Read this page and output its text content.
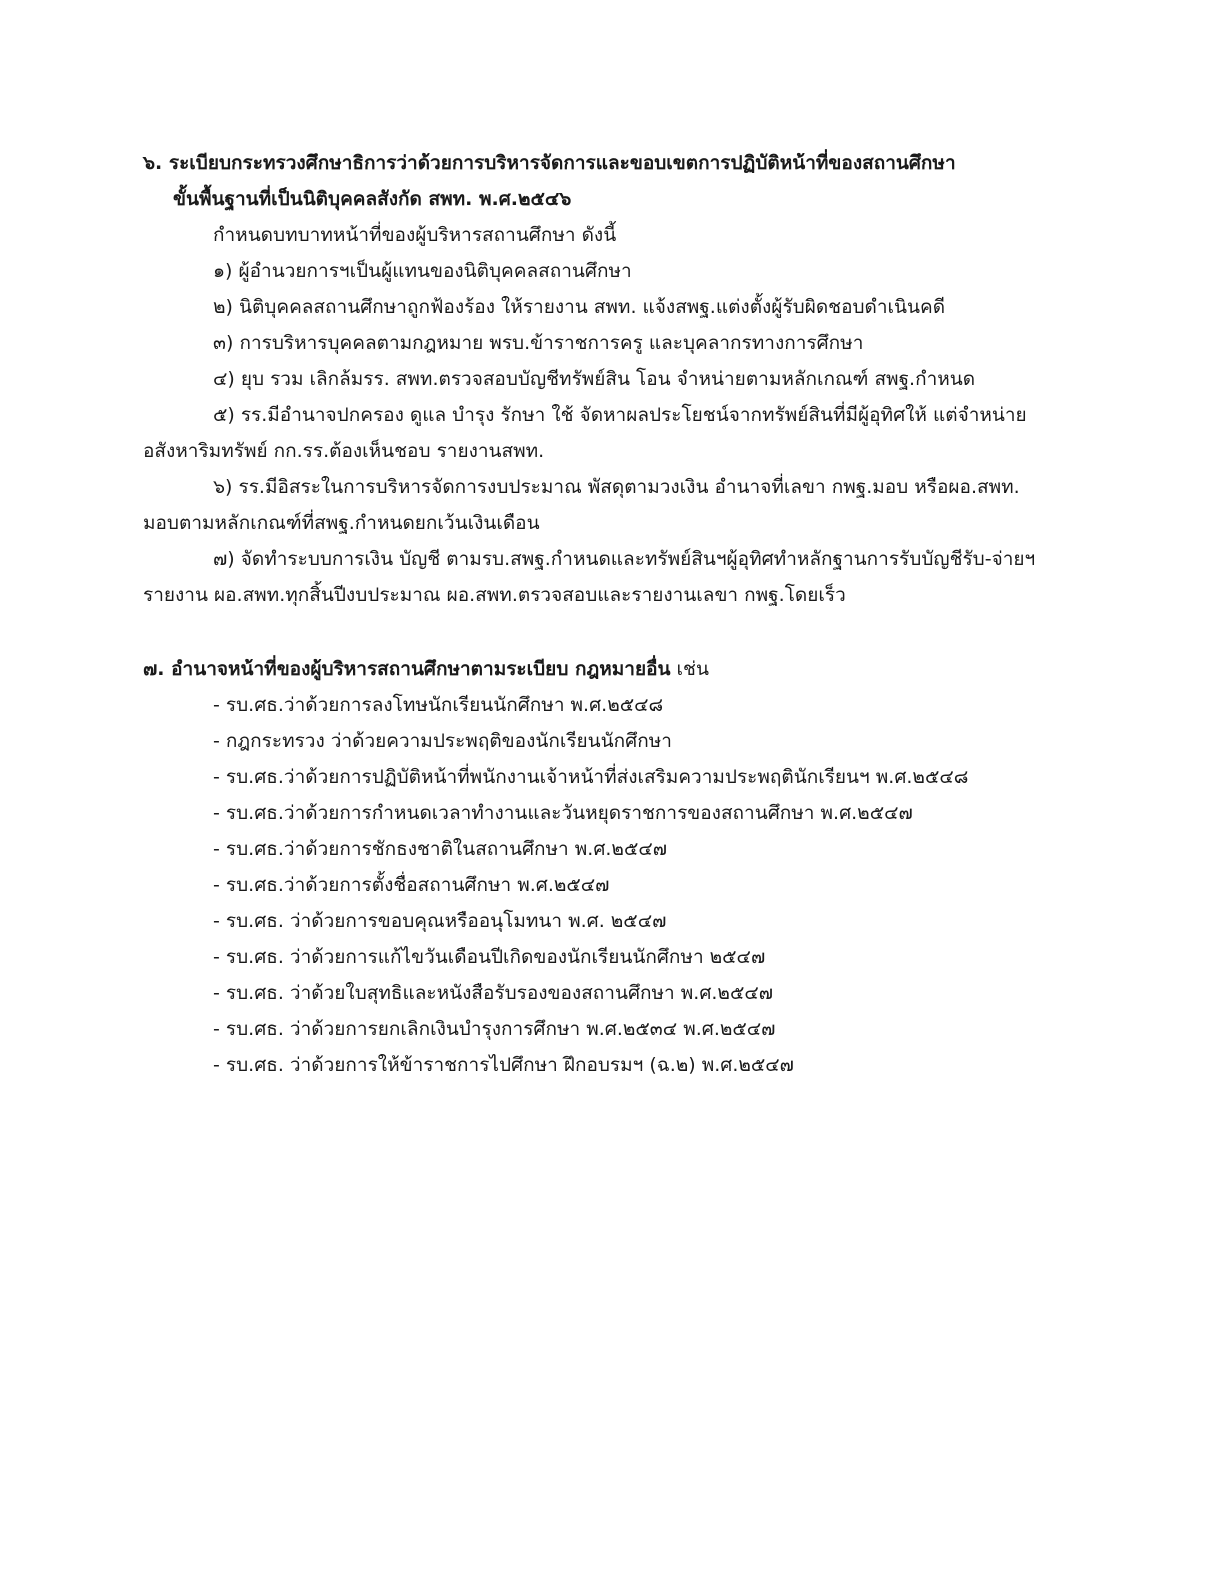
๖. ระเบียบกระทรวงศึกษาธิการว่าด้วยการบริหารจัดการและขอบเขตการปฏิบัติหน้าที่ของสถานศึกษา
ขั้นพื้นฐานที่เป็นนิติบุคคลสังกัด สพท. พ.ศ.๒๕๔๖
กำหนดบทบาทหน้าที่ของผู้บริหารสถานศึกษา ดังนี้
๑) ผู้อำนวยการฯเป็นผู้แทนของนิติบุคคลสถานศึกษา
๒) นิติบุคคลสถานศึกษาถูกฟ้องร้อง ให้รายงาน สพท. แจ้งสพฐ.แต่งตั้งผู้รับผิดชอบดำเนินคดี
๓) การบริหารบุคคลตามกฎหมาย พรบ.ข้าราชการครู และบุคลากรทางการศึกษา
๔) ยุบ รวม เลิกล้มรร. สพท.ตรวจสอบบัญชีทรัพย์สิน โอน จำหน่ายตามหลักเกณฑ์ สพฐ.กำหนด
๕) รร.มีอำนาจปกครอง ดูแล บำรุง รักษา ใช้ จัดหาผลประโยชน์จากทรัพย์สินที่มีผู้อุทิศให้ แต่จำหน่าย
อสังหาริมทรัพย์ กก.รร.ต้องเห็นชอบ รายงานสพท.
๖) รร.มีอิสระในการบริหารจัดการงบประมาณ พัสดุตามวงเงิน อำนาจที่เลขา กพฐ.มอบ หรือผอ.สพท.
มอบตามหลักเกณฑ์ที่สพฐ.กำหนดยกเว้นเงินเดือน
๗) จัดทำระบบการเงิน บัญชี ตามรบ.สพฐ.กำหนดและทรัพย์สินฯผู้อุทิศทำหลักฐานการรับบัญชีรับ-จ่ายฯ
รายงาน ผอ.สพท.ทุกสิ้นปีงบประมาณ ผอ.สพท.ตรวจสอบและรายงานเลขา กพฐ.โดยเร็ว
๗. อำนาจหน้าที่ของผู้บริหารสถานศึกษาตามระเบียบ กฎหมายอื่น เช่น
- รบ.ศธ.ว่าด้วยการลงโทษนักเรียนนักศึกษา พ.ศ.๒๕๔๘
- กฎกระทรวง ว่าด้วยความประพฤติของนักเรียนนักศึกษา
- รบ.ศธ.ว่าด้วยการปฏิบัติหน้าที่พนักงานเจ้าหน้าที่ส่งเสริมความประพฤตินักเรียนฯ พ.ศ.๒๕๔๘
- รบ.ศธ.ว่าด้วยการกำหนดเวลาทำงานและวันหยุดราชการของสถานศึกษา พ.ศ.๒๕๔๗
- รบ.ศธ.ว่าด้วยการชักธงชาติในสถานศึกษา พ.ศ.๒๕๔๗
- รบ.ศธ.ว่าด้วยการตั้งชื่อสถานศึกษา พ.ศ.๒๕๔๗
- รบ.ศธ. ว่าด้วยการขอบคุณหรืออนุโมทนา พ.ศ. ๒๕๔๗
- รบ.ศธ. ว่าด้วยการแก้ไขวันเดือนปีเกิดของนักเรียนนักศึกษา ๒๕๔๗
- รบ.ศธ. ว่าด้วยใบสุทธิและหนังสือรับรองของสถานศึกษา พ.ศ.๒๕๔๗
- รบ.ศธ. ว่าด้วยการยกเลิกเงินบำรุงการศึกษา พ.ศ.๒๕๓๔ พ.ศ.๒๕๔๗
- รบ.ศธ. ว่าด้วยการให้ข้าราชการไปศึกษา ฝึกอบรมฯ (ฉ.๒) พ.ศ.๒๕๔๗
